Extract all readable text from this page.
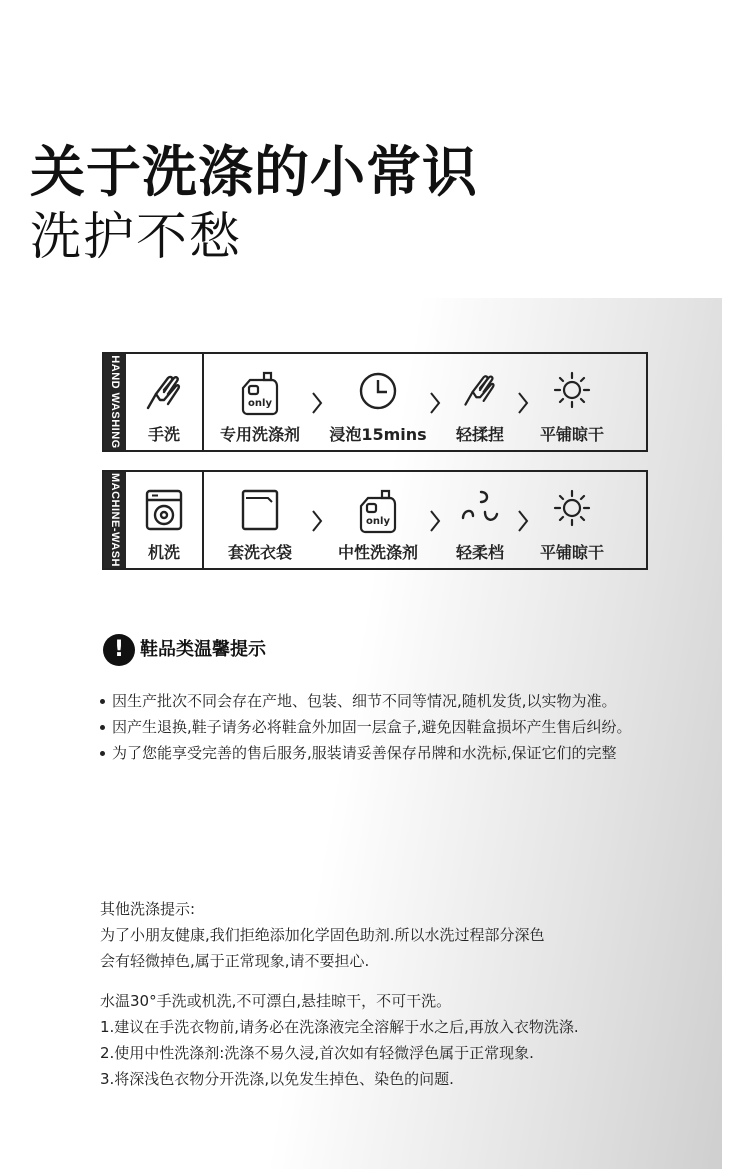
关于洗涤的小常识
洗护不愁
HAND WASHING 手洗
only
专用洗涤剂 浸泡15mins 轻揉捏 平铺晾干
MACHINE-WASH 机洗	套洗衣袋
only
中性洗涤剂 轻柔档 平铺晾干
! 鞋品类温馨提示
因生产批次不同会存在产地、包装、细节不同等情况,随机发货,以实物为准。
因产生退换,鞋子请务必将鞋盒外加固一层盒子,避免因鞋盒损坏产生售后纠纷。
为了您能享受完善的售后服务,服装请妥善保存吊牌和水洗标,保证它们的完整
其他洗涤提示:
为了小朋友健康,我们拒绝添加化学固色助剂.所以水洗过程部分深色
会有轻微掉色,属于正常现象,请不要担心.
水温30°手洗或机洗,不可漂白,悬挂晾干，不可干洗。
1.建议在手洗衣物前,请务必在洗涤液完全溶解于水之后,再放入衣物洗涤.
2.使用中性洗涤剂:洗涤不易久浸,首次如有轻微浮色属于正常现象.
3.将深浅色衣物分开洗涤,以免发生掉色、染色的问题.
